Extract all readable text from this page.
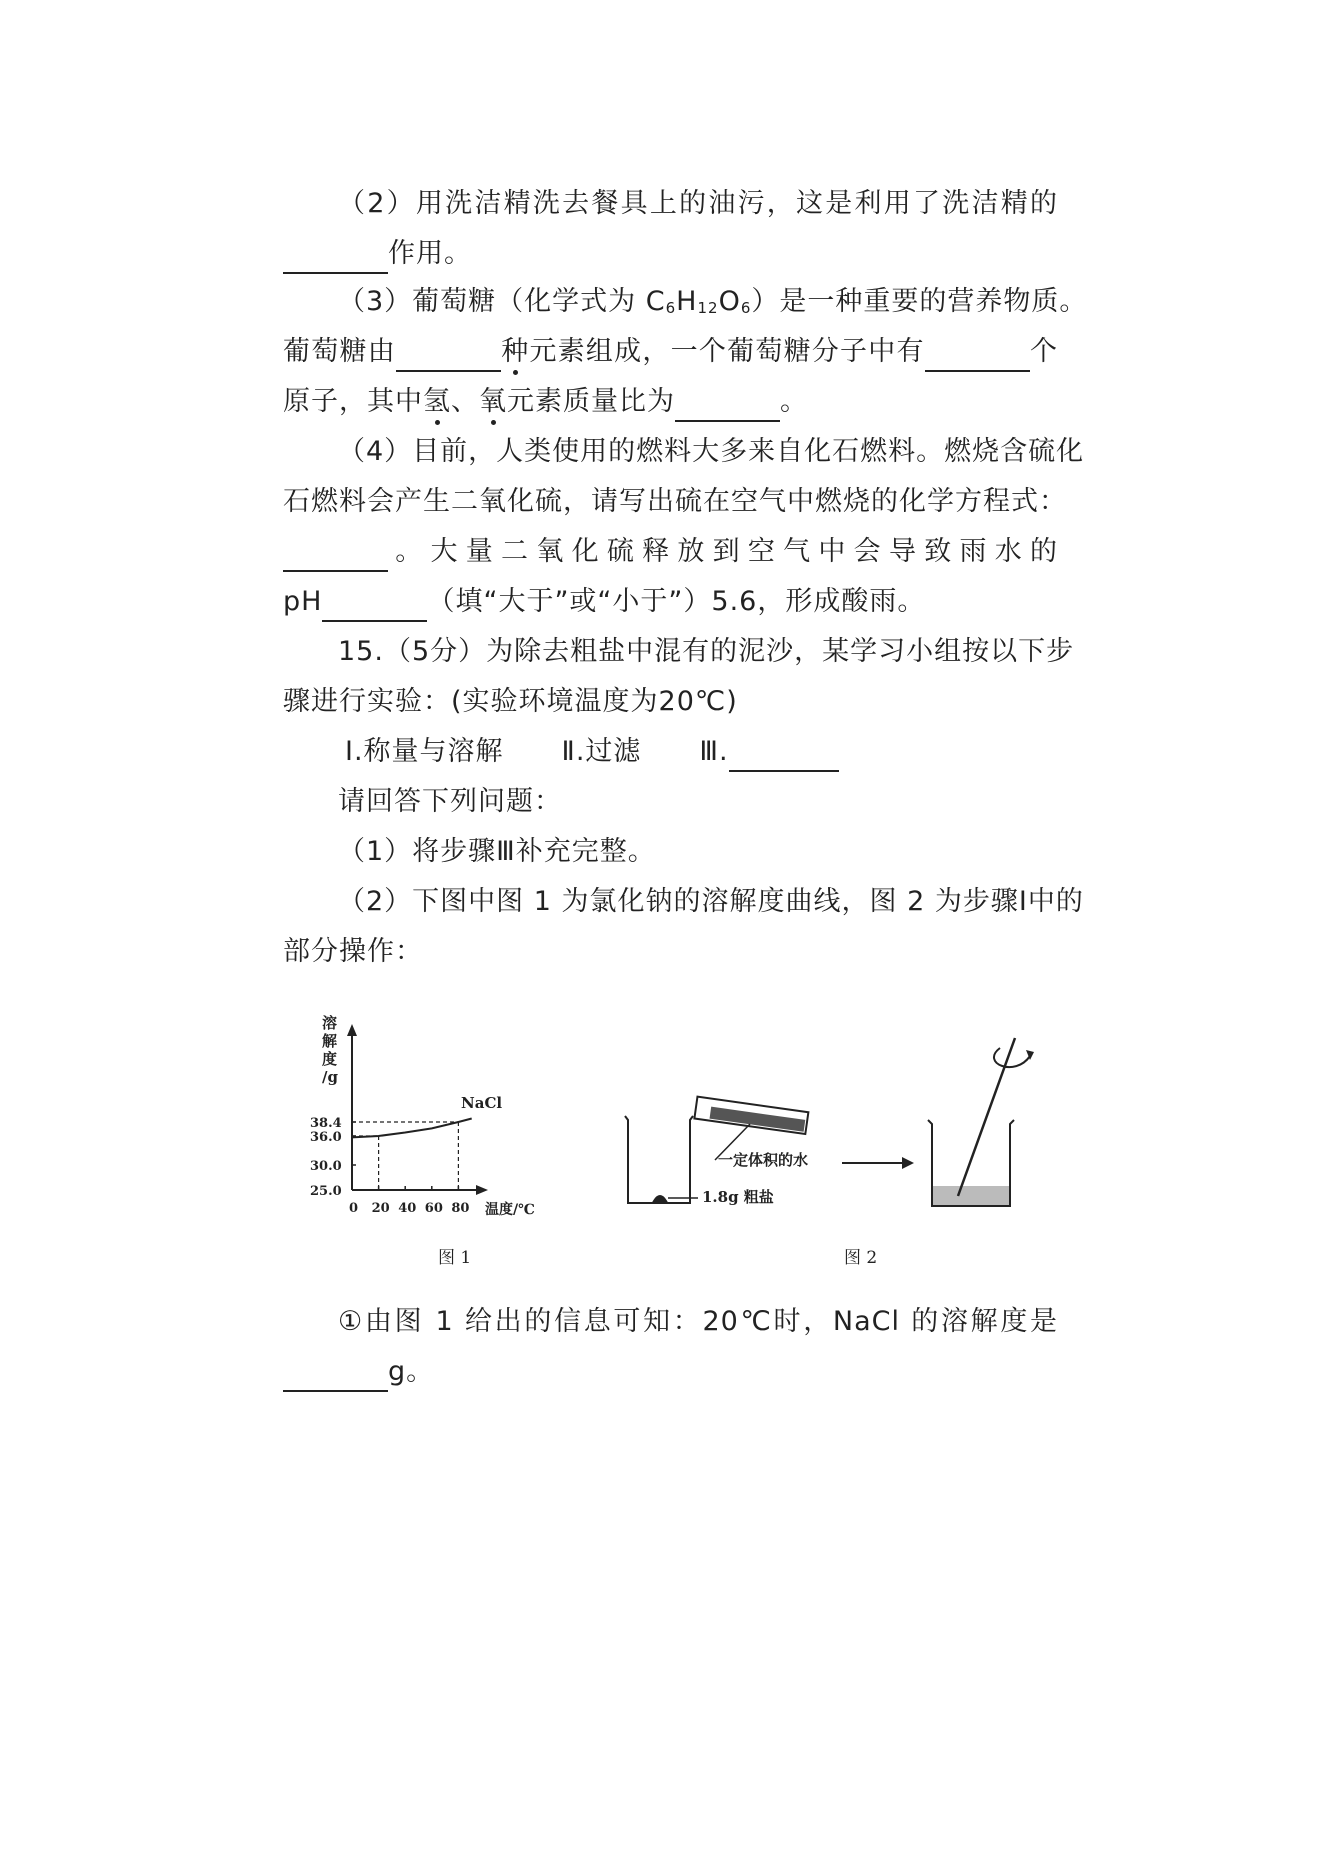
（2）用洗洁精洗去餐具上的油污，这是利用了洗洁精的
作用。
（3）葡萄糖（化学式为 $C_6H_{12}O_6$）是一种重要的营养物质。
葡萄糖由	种元素组成，一个葡萄糖分子中有	个
原子，其中氢、氧元素质量比为	。
（4）目前，人类使用的燃料大多来自化石燃料。燃烧含硫化
石燃料会产生二氧化硫，请写出硫在空气中燃烧的化学方程式：
。大量二氧化硫释放到空气中会导致雨水的
pH	（填“大于”或“小于”）5.6，形成酸雨。
15.（5分）为除去粗盐中混有的泥沙，某学习小组按以下步
骤进行实验：(实验环境温度为20℃)
Ⅰ.称量与溶解 Ⅱ.过滤 Ⅲ.
请回答下列问题：
（1）将步骤Ⅲ补充完整。
（2）下图中图 1 为氯化钠的溶解度曲线，图 2 为步骤Ⅰ中的
部分操作：
溶
解
度
/g
0 20 40 60 80
25.0
30.0
36.0
38.4
NaCl
温度/℃
图 1
一定体积的水
1.8g 粗盐
图 2
①由图 1 给出的信息可知：20℃时，NaCl 的溶解度是
g。
